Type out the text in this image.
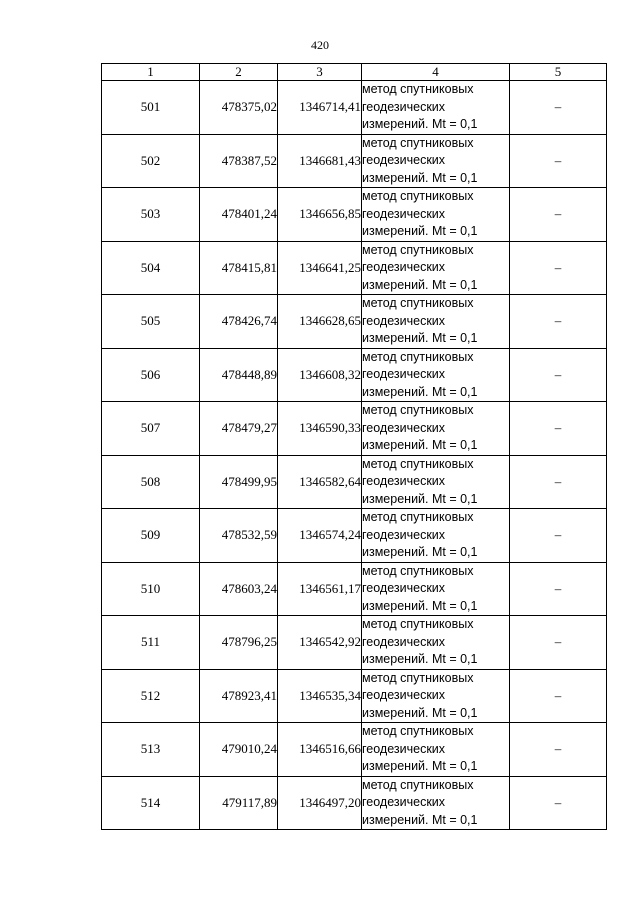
420
1	2	3	4	5
501	478375,02	1346714,41	метод спутниковых
геодезических
измерений. Mt = 0,1	–
502	478387,52	1346681,43	метод спутниковых
геодезических
измерений. Mt = 0,1	–
503	478401,24	1346656,85	метод спутниковых
геодезических
измерений. Mt = 0,1	–
504	478415,81	1346641,25	метод спутниковых
геодезических
измерений. Mt = 0,1	–
505	478426,74	1346628,65	метод спутниковых
геодезических
измерений. Mt = 0,1	–
506	478448,89	1346608,32	метод спутниковых
геодезических
измерений. Mt = 0,1	–
507	478479,27	1346590,33	метод спутниковых
геодезических
измерений. Mt = 0,1	–
508	478499,95	1346582,64	метод спутниковых
геодезических
измерений. Mt = 0,1	–
509	478532,59	1346574,24	метод спутниковых
геодезических
измерений. Mt = 0,1	–
510	478603,24	1346561,17	метод спутниковых
геодезических
измерений. Mt = 0,1	–
511	478796,25	1346542,92	метод спутниковых
геодезических
измерений. Mt = 0,1	–
512	478923,41	1346535,34	метод спутниковых
геодезических
измерений. Mt = 0,1	–
513	479010,24	1346516,66	метод спутниковых
геодезических
измерений. Mt = 0,1	–
514	479117,89	1346497,20	метод спутниковых
геодезических
измерений. Mt = 0,1	–
